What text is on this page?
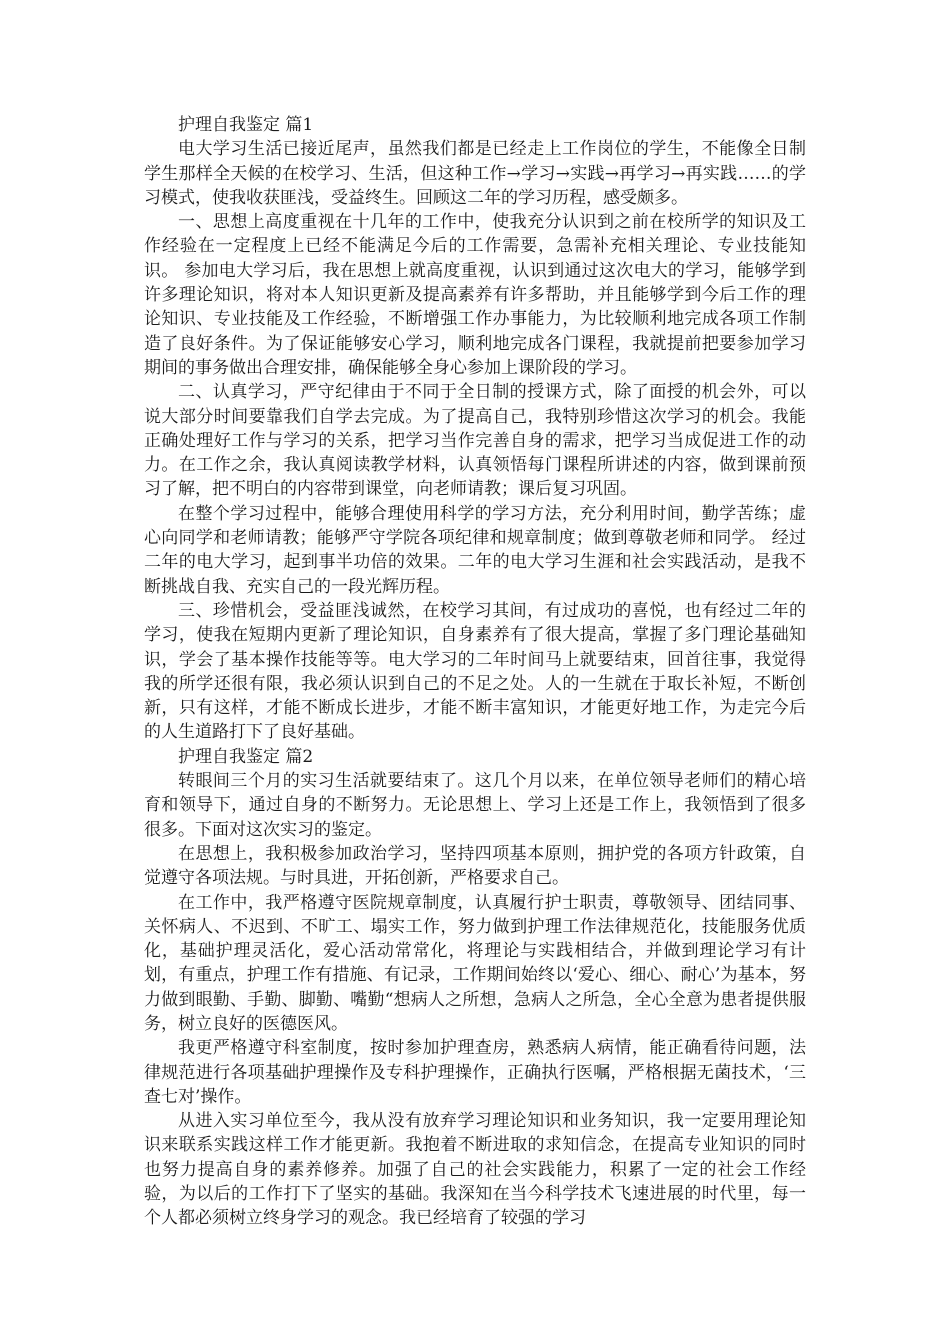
护理自我鉴定 篇1

电大学习生活已接近尾声，虽然我们都是已经走上工作岗位的学生，不能像全日制学生那样全天候的在校学习、生活，但这种工作→学习→实践→再学习→再实践……的学习模式，使我收获匪浅，受益终生。回顾这二年的学习历程，感受颇多。

一、思想上高度重视在十几年的工作中，使我充分认识到之前在校所学的知识及工作经验在一定程度上已经不能满足今后的工作需要，急需补充相关理论、专业技能知识。 参加电大学习后，我在思想上就高度重视，认识到通过这次电大的学习，能够学到许多理论知识，将对本人知识更新及提高素养有许多帮助，并且能够学到今后工作的理论知识、专业技能及工作经验，不断增强工作办事能力，为比较顺利地完成各项工作制造了良好条件。为了保证能够安心学习，顺利地完成各门课程，我就提前把要参加学习期间的事务做出合理安排，确保能够全身心参加上课阶段的学习。

二、认真学习，严守纪律由于不同于全日制的授课方式，除了面授的机会外，可以说大部分时间要靠我们自学去完成。为了提高自己，我特别珍惜这次学习的机会。我能正确处理好工作与学习的关系，把学习当作完善自身的需求，把学习当成促进工作的动力。在工作之余，我认真阅读教学材料，认真领悟每门课程所讲述的内容，做到课前预习了解，把不明白的内容带到课堂，向老师请教；课后复习巩固。

在整个学习过程中，能够合理使用科学的学习方法，充分利用时间，勤学苦练；虚心向同学和老师请教；能够严守学院各项纪律和规章制度；做到尊敬老师和同学。 经过二年的电大学习，起到事半功倍的效果。二年的电大学习生涯和社会实践活动，是我不断挑战自我、充实自己的一段光辉历程。

三、珍惜机会，受益匪浅诚然，在校学习其间，有过成功的喜悦，也有经过二年的学习，使我在短期内更新了理论知识，自身素养有了很大提高，掌握了多门理论基础知识，学会了基本操作技能等等。电大学习的二年时间马上就要结束，回首往事，我觉得我的所学还很有限，我必须认识到自己的不足之处。人的一生就在于取长补短，不断创新，只有这样，才能不断成长进步，才能不断丰富知识，才能更好地工作，为走完今后的人生道路打下了良好基础。

护理自我鉴定 篇2

转眼间三个月的实习生活就要结束了。这几个月以来，在单位领导老师们的精心培育和领导下，通过自身的不断努力。无论思想上、学习上还是工作上，我领悟到了很多很多。下面对这次实习的鉴定。

在思想上，我积极参加政治学习，坚持四项基本原则，拥护党的各项方针政策，自觉遵守各项法规。与时具进，开拓创新，严格要求自己。

在工作中，我严格遵守医院规章制度，认真履行护士职责，尊敬领导、团结同事、关怀病人、不迟到、不旷工、塌实工作，努力做到护理工作法律规范化，技能服务优质化，基础护理灵活化，爱心活动常常化，将理论与实践相结合，并做到理论学习有计划，有重点，护理工作有措施、有记录，工作期间始终以‘爱心、细心、耐心’为基本，努力做到眼勤、手勤、脚勤、嘴勤“想病人之所想，急病人之所急，全心全意为患者提供服务，树立良好的医德医风。

我更严格遵守科室制度，按时参加护理查房，熟悉病人病情，能正确看待问题，法律规范进行各项基础护理操作及专科护理操作，正确执行医嘱，严格根据无菌技术，‘三查七对’操作。

从进入实习单位至今，我从没有放弃学习理论知识和业务知识，我一定要用理论知识来联系实践这样工作才能更新。我抱着不断进取的求知信念，在提高专业知识的同时也努力提高自身的素养修养。加强了自己的社会实践能力，积累了一定的社会工作经验，为以后的工作打下了坚实的基础。我深知在当今科学技术飞速进展的时代里，每一个人都必须树立终身学习的观念。我已经培育了较强的学习
